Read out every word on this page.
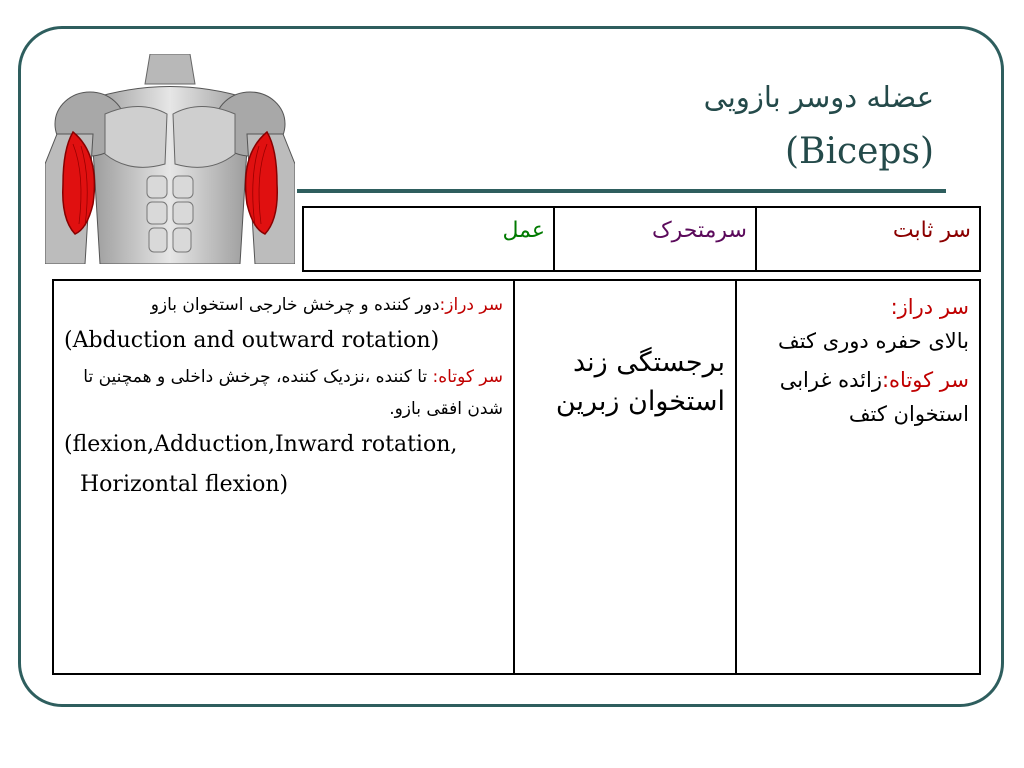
عضله دوسر بازویی
(Biceps)
سر ثابت	سرمتحرک	عمل
سر دراز:
بالای حفره دوری کتف
سر کوتاه:زائده غرابی استخوان کتف

برجستگی زند استخوان زبرین

سر دراز:دور کننده و چرخش خارجی استخوان بازو
(Abduction and outward rotation)
سر کوتاه: تا کننده ،نزدیک کننده، چرخش داخلی و همچنین تا شدن افقی بازو.
(flexion,Adduction,Inward rotation,
Horizontal flexion)
